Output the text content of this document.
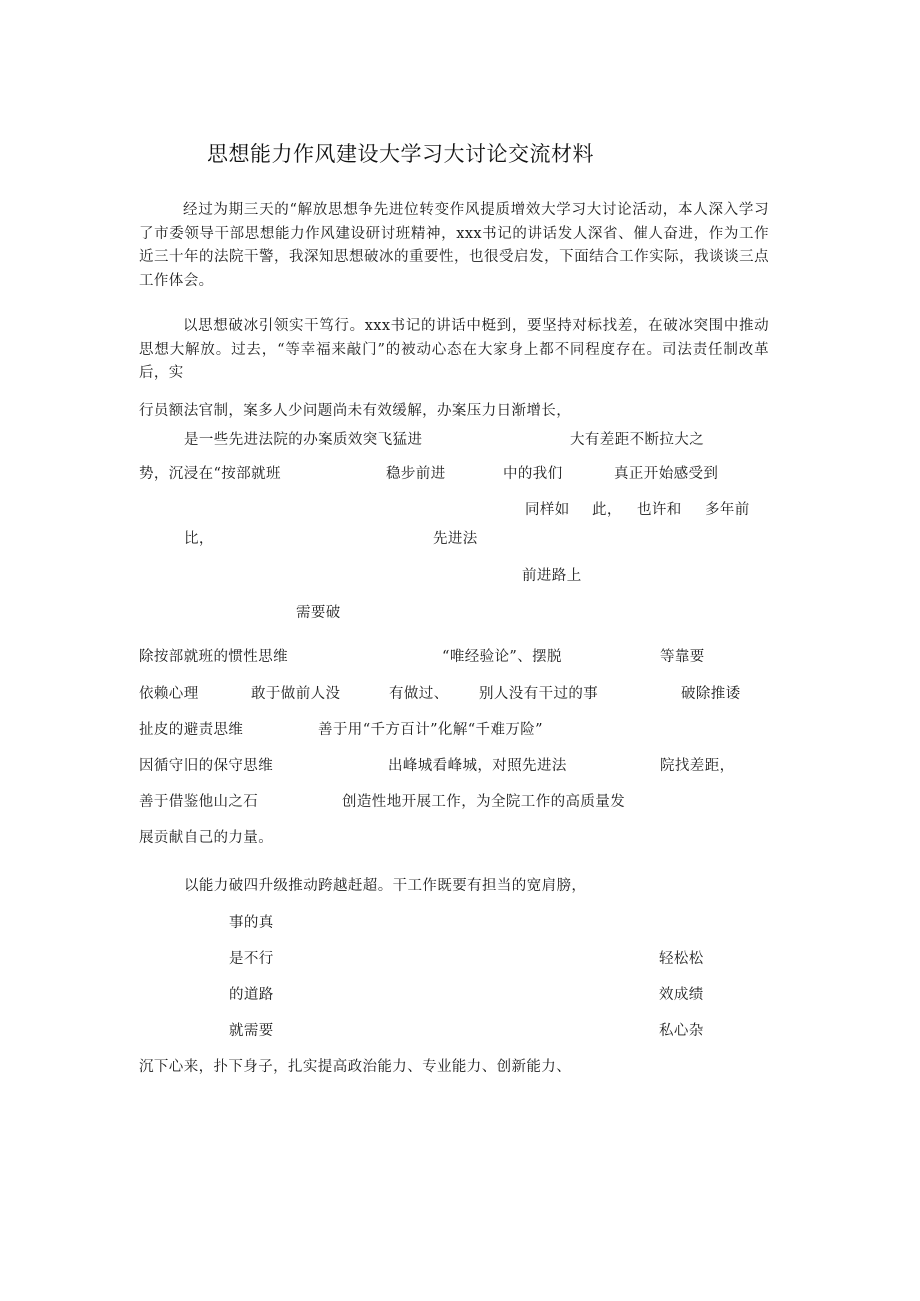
思想能力作风建设大学习大讨论交流材料

经过为期三天的“解放思想争先进位转变作风提质增效大学习大讨论活动，本人深入学习了市委领导干部思想能力作风建设研讨班精神，xxx书记的讲话发人深省、催人奋进，作为工作近三十年的法院干警，我深知思想破冰的重要性，也很受启发，下面结合工作实际，我谈谈三点工作体会。

以思想破冰引领实干笃行。xxx书记的讲话中梃到，要坚持对标找差，在破冰突围中推动思想大解放。过去，“等幸福来敲门”的被动心态在大家身上都不同程度存在。司法责任制改革后，实

行员额法官制，案多人少问题尚未有效缓解，办案压力日渐增长，
是一些先进法院的办案质效突飞猛进	大有差距不断拉大之
势，沉浸在“按部就班	稳步前进	中的我们	真正开始感受到
同样如 此， 也许和 多年前
比，	先进法
前进路上
需要破
除按部就班的惯性思维	“唯经验论”、摆脱	等靠要
依赖心理	敢于做前人没	有做过、 别人没有干过的事	破除推诿
扯皮的避责思维	善于用“千方百计”化解“千难万险”
因循守旧的保守思维	出峰城看峰城，对照先进法	院找差距，
善于借鉴他山之石	创造性地开展工作，为全院工作的高质量发
展贡献自己的力量。
以能力破四升级推动跨越赶超。干工作既要有担当的宽肩膀，
事的真
是不行	轻松松
的道路	效成绩
就需要	私心杂
沉下心来，扑下身子，扎实提高政治能力、专业能力、创新能力、
